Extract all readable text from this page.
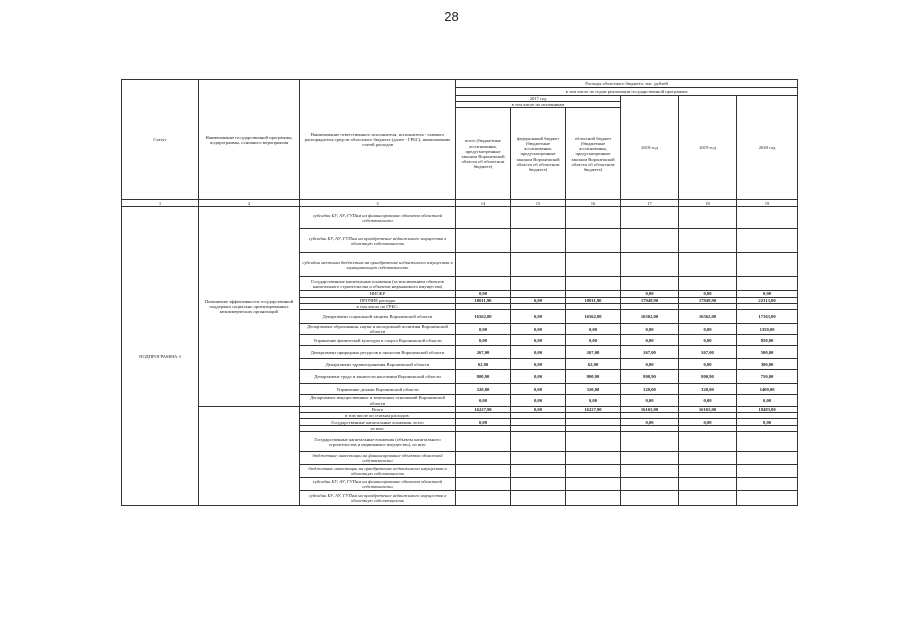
28
Статус	Наименование государственной программы, подпрограммы, основного мероприятия	Наименование ответственного исполнителя, исполнителя - главного распорядителя средств областного бюджета (далее - ГРБС), наименование статей расходов	Расходы областного бюджета, тыс. рублей					
			в том числе по годам реализации государственной программы					
			2017 год			2018 год	2019 год	2020 год
			в том числе по источникам					
			всего (бюджетные ассигнования, предусмотренные законом Воронежской области об областном бюджете)	федеральный бюджет (бюджетные ассигнования, предусмотренные законом Воронежской области об областном бюджете)	областной бюджет (бюджетные ассигнования, предусмотренные законом Воронежской области об областном бюджете)			
1	2	3	14	15	16	17	18	19
ПОДПРОГРАММА 3	Повышение эффективности государственной поддержки социально ориентированных некоммерческих организаций	субсидии БУ, АУ, ГУПам на финансирование объектов областной собственности						
		субсидии БУ, АУ, ГУПам на приобретение недвижимого имущества в областную собственность						
		субсидии местным бюджетам на приобретение недвижимого имущества в муниципальную собственность						
		Государственные капитальные вложения (за исключением объектов капитального строительства и объектов недвижимого имущества)						
		НИОКР	0,00			0,00	0,00	0,00
		ПРОЧИЕ расходы	18011,90	0,00	18011,90	17949,90	17949,90	22313,00
		в том числе по ГРБС:						
		Департамент социальной защиты Воронежской области	16562,00	0,00	16562,00	16562,00	16562,00	17163,00
		Департамент образования, науки и молодежной политики Воронежской области	0,00	0,00	0,00	0,00	0,00	1350,00
		Управление физической культуры и спорта Воронежской области	0,00	0,00	0,00	0,00	0,00	850,00
		Департамент природных ресурсов и экологии Воронежской области	267,00	0,00	267,00	267,00	267,00	500,00
		Департамент здравоохранения Воронежской области	62,00	0,00	62,00	0,00	0,00	300,00
		Департамент труда и занятости населения Воронежской области	800,90	0,00	800,90	800,90	800,90	750,00
		Управление делами Воронежской области	320,00	0,00	320,00	320,00	320,00	1400,00
		Департамент имущественных и земельных отношений Воронежской области	0,00	0,00	0,00	0,00	0,00	0,00
		Всего	16227,90	0,00	16227,90	16165,00	16165,00	18483,00
		в том числе по статьям расходов:						
		Государственные капитальные вложения, всего	0,00			0,00	0,00	0,00
		из них:						
		Государственные капитальные вложения (объекты капитального строительства и недвижимое имущество), из них:						
		бюджетные инвестиции на финансирование объектов областной собственности						
		бюджетные инвестиции на приобретение недвижимого имущества в областную собственность						
		субсидии БУ, АУ, ГУПам на финансирование объектов областной собственности						
		субсидии БУ, АУ, ГУПам на приобретение недвижимого имущества в областную собственность						
